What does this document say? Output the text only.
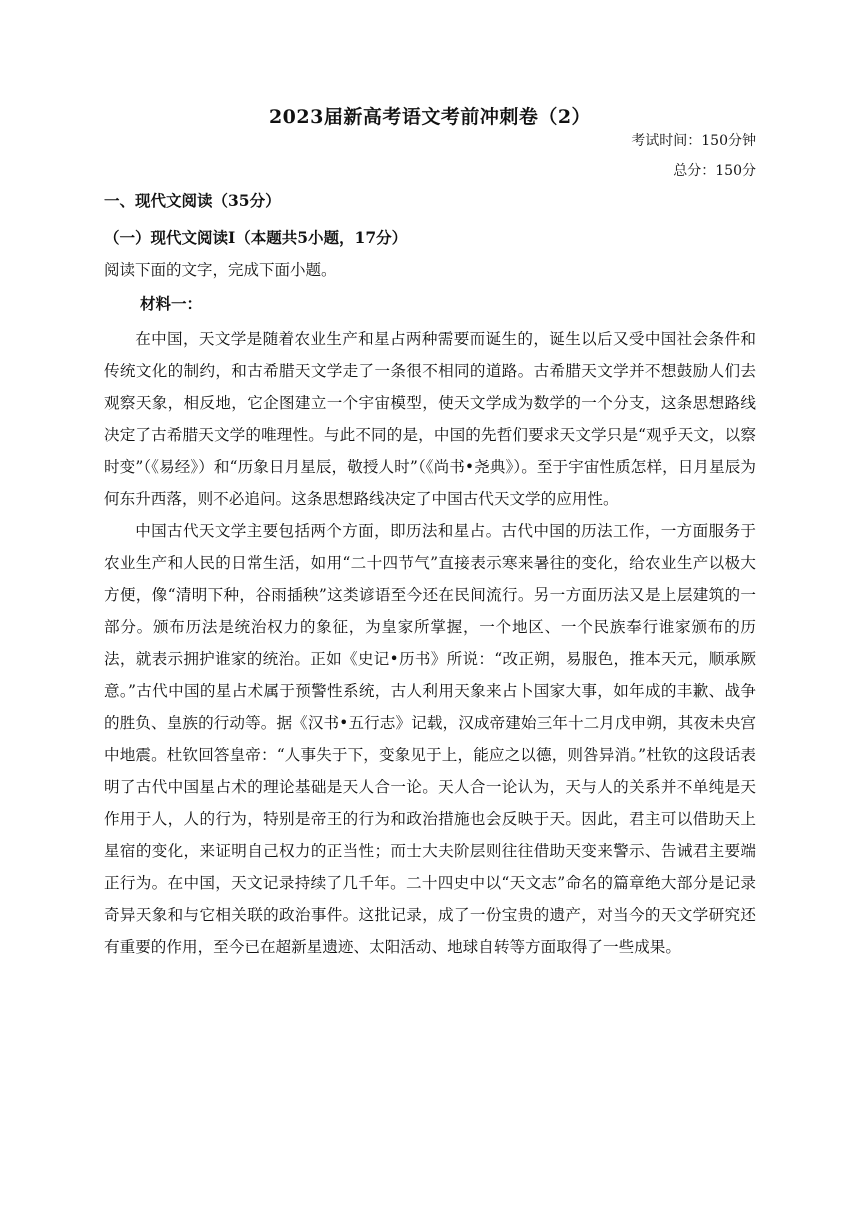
2023届新高考语文考前冲刺卷（2）
考试时间：150分钟
总分：150分
一、现代文阅读（35分）
（一）现代文阅读I（本题共5小题，17分）
阅读下面的文字，完成下面小题。
材料一：

在中国，天文学是随着农业生产和星占两种需要而诞生的，诞生以后又受中国社会条件和传统文化的制约，和古希腊天文学走了一条很不相同的道路。古希腊天文学并不想鼓励人们去观察天象，相反地，它企图建立一个宇宙模型，使天文学成为数学的一个分支，这条思想路线决定了古希腊天文学的唯理性。与此不同的是，中国的先哲们要求天文学只是“观乎天文，以察时变”（《易经》）和“历象日月星辰，敬授人时”（《尚书•尧典》）。至于宇宙性质怎样，日月星辰为何东升西落，则不必追问。这条思想路线决定了中国古代天文学的应用性。

中国古代天文学主要包括两个方面，即历法和星占。古代中国的历法工作，一方面服务于农业生产和人民的日常生活，如用“二十四节气”直接表示寒来暑往的变化，给农业生产以极大方便，像“清明下种，谷雨插秧”这类谚语至今还在民间流行。另一方面历法又是上层建筑的一部分。颁布历法是统治权力的象征，为皇家所掌握，一个地区、一个民族奉行谁家颁布的历法，就表示拥护谁家的统治。正如《史记•历书》所说：“改正朔，易服色，推本天元，顺承厥意。”古代中国的星占术属于预警性系统，古人利用天象来占卜国家大事，如年成的丰歉、战争的胜负、皇族的行动等。据《汉书•五行志》记载，汉成帝建始三年十二月戊申朔，其夜未央宫中地震。杜钦回答皇帝：“人事失于下，变象见于上，能应之以德，则咎异消。”杜钦的这段话表明了古代中国星占术的理论基础是天人合一论。天人合一论认为，天与人的关系并不单纯是天作用于人，人的行为，特别是帝王的行为和政治措施也会反映于天。因此，君主可以借助天上星宿的变化，来证明自己权力的正当性；而士大夫阶层则往往借助天变来警示、告诫君主要端正行为。在中国，天文记录持续了几千年。二十四史中以“天文志”命名的篇章绝大部分是记录奇异天象和与它相关联的政治事件。这批记录，成了一份宝贵的遗产，对当今的天文学研究还有重要的作用，至今已在超新星遗迹、太阳活动、地球自转等方面取得了一些成果。
